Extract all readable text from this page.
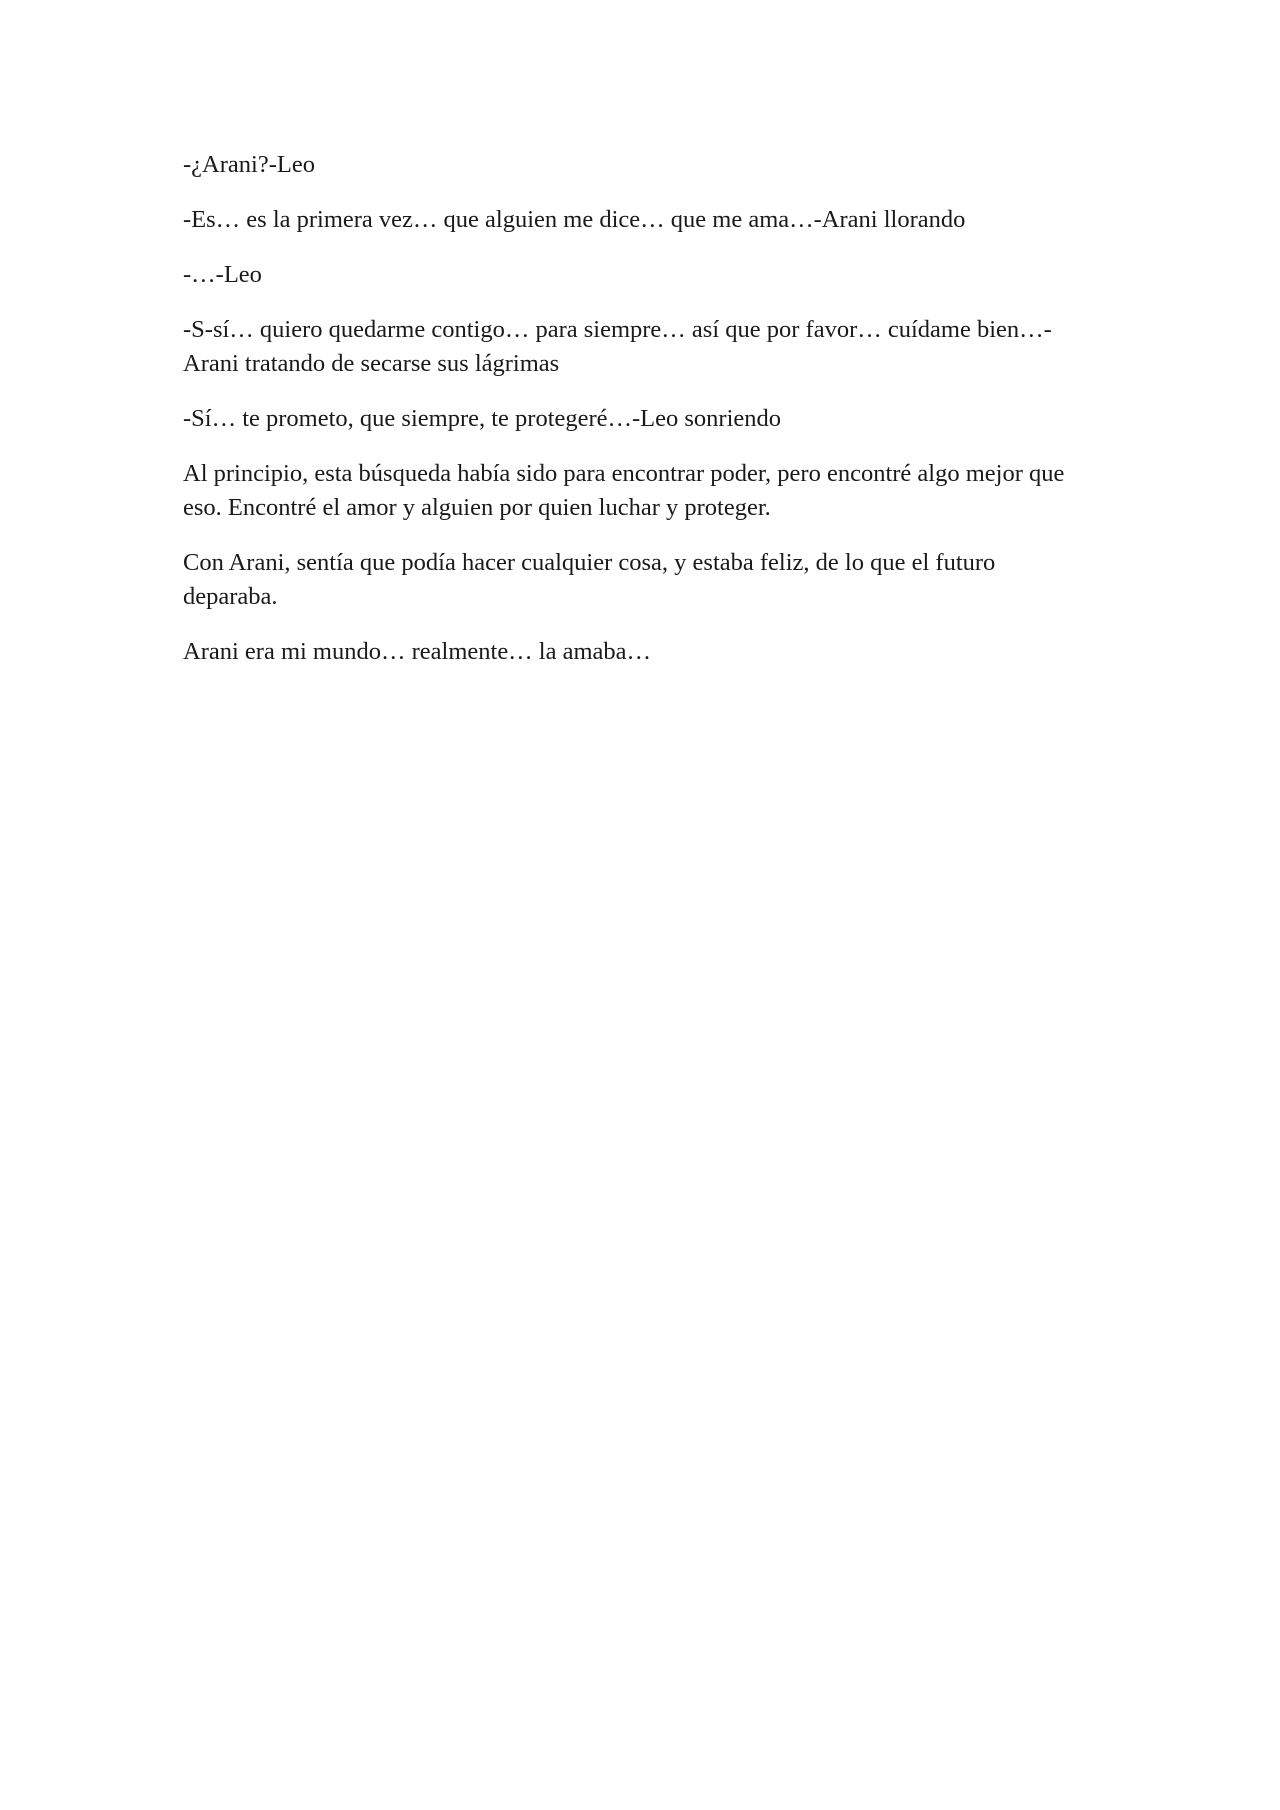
-¿Arani?-Leo

-Es… es la primera vez… que alguien me dice… que me ama…-Arani llorando

-…-Leo

-S-sí… quiero quedarme contigo… para siempre… así que por favor… cuídame bien…-Arani tratando de secarse sus lágrimas

-Sí… te prometo, que siempre, te protegeré…-Leo sonriendo

Al principio, esta búsqueda había sido para encontrar poder, pero encontré algo mejor que eso. Encontré el amor y alguien por quien luchar y proteger.

Con Arani, sentía que podía hacer cualquier cosa, y estaba feliz, de lo que el futuro deparaba.

Arani era mi mundo… realmente… la amaba…
